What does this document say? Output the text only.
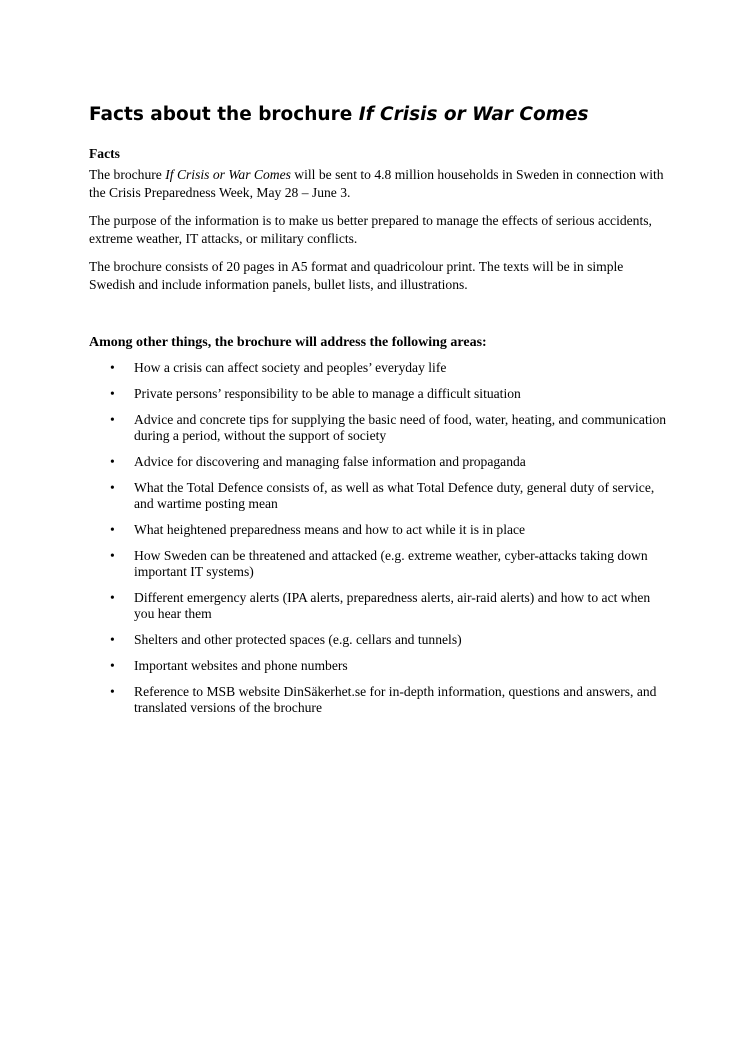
Facts about the brochure If Crisis or War Comes
Facts

The brochure If Crisis or War Comes will be sent to 4.8 million households in Sweden in connection with the Crisis Preparedness Week, May 28 – June 3.

The purpose of the information is to make us better prepared to manage the effects of serious accidents, extreme weather, IT attacks, or military conflicts.

The brochure consists of 20 pages in A5 format and quadricolour print. The texts will be in simple Swedish and include information panels, bullet lists, and illustrations.

Among other things, the brochure will address the following areas:
• How a crisis can affect society and peoples’ everyday life
• Private persons’ responsibility to be able to manage a difficult situation
• Advice and concrete tips for supplying the basic need of food, water, heating, and communication during a period, without the support of society
• Advice for discovering and managing false information and propaganda
• What the Total Defence consists of, as well as what Total Defence duty, general duty of service, and wartime posting mean
• What heightened preparedness means and how to act while it is in place
• How Sweden can be threatened and attacked (e.g. extreme weather, cyber-attacks taking down important IT systems)
• Different emergency alerts (IPA alerts, preparedness alerts, air-raid alerts) and how to act when you hear them
• Shelters and other protected spaces (e.g. cellars and tunnels)
• Important websites and phone numbers
• Reference to MSB website DinSäkerhet.se for in-depth information, questions and answers, and translated versions of the brochure
